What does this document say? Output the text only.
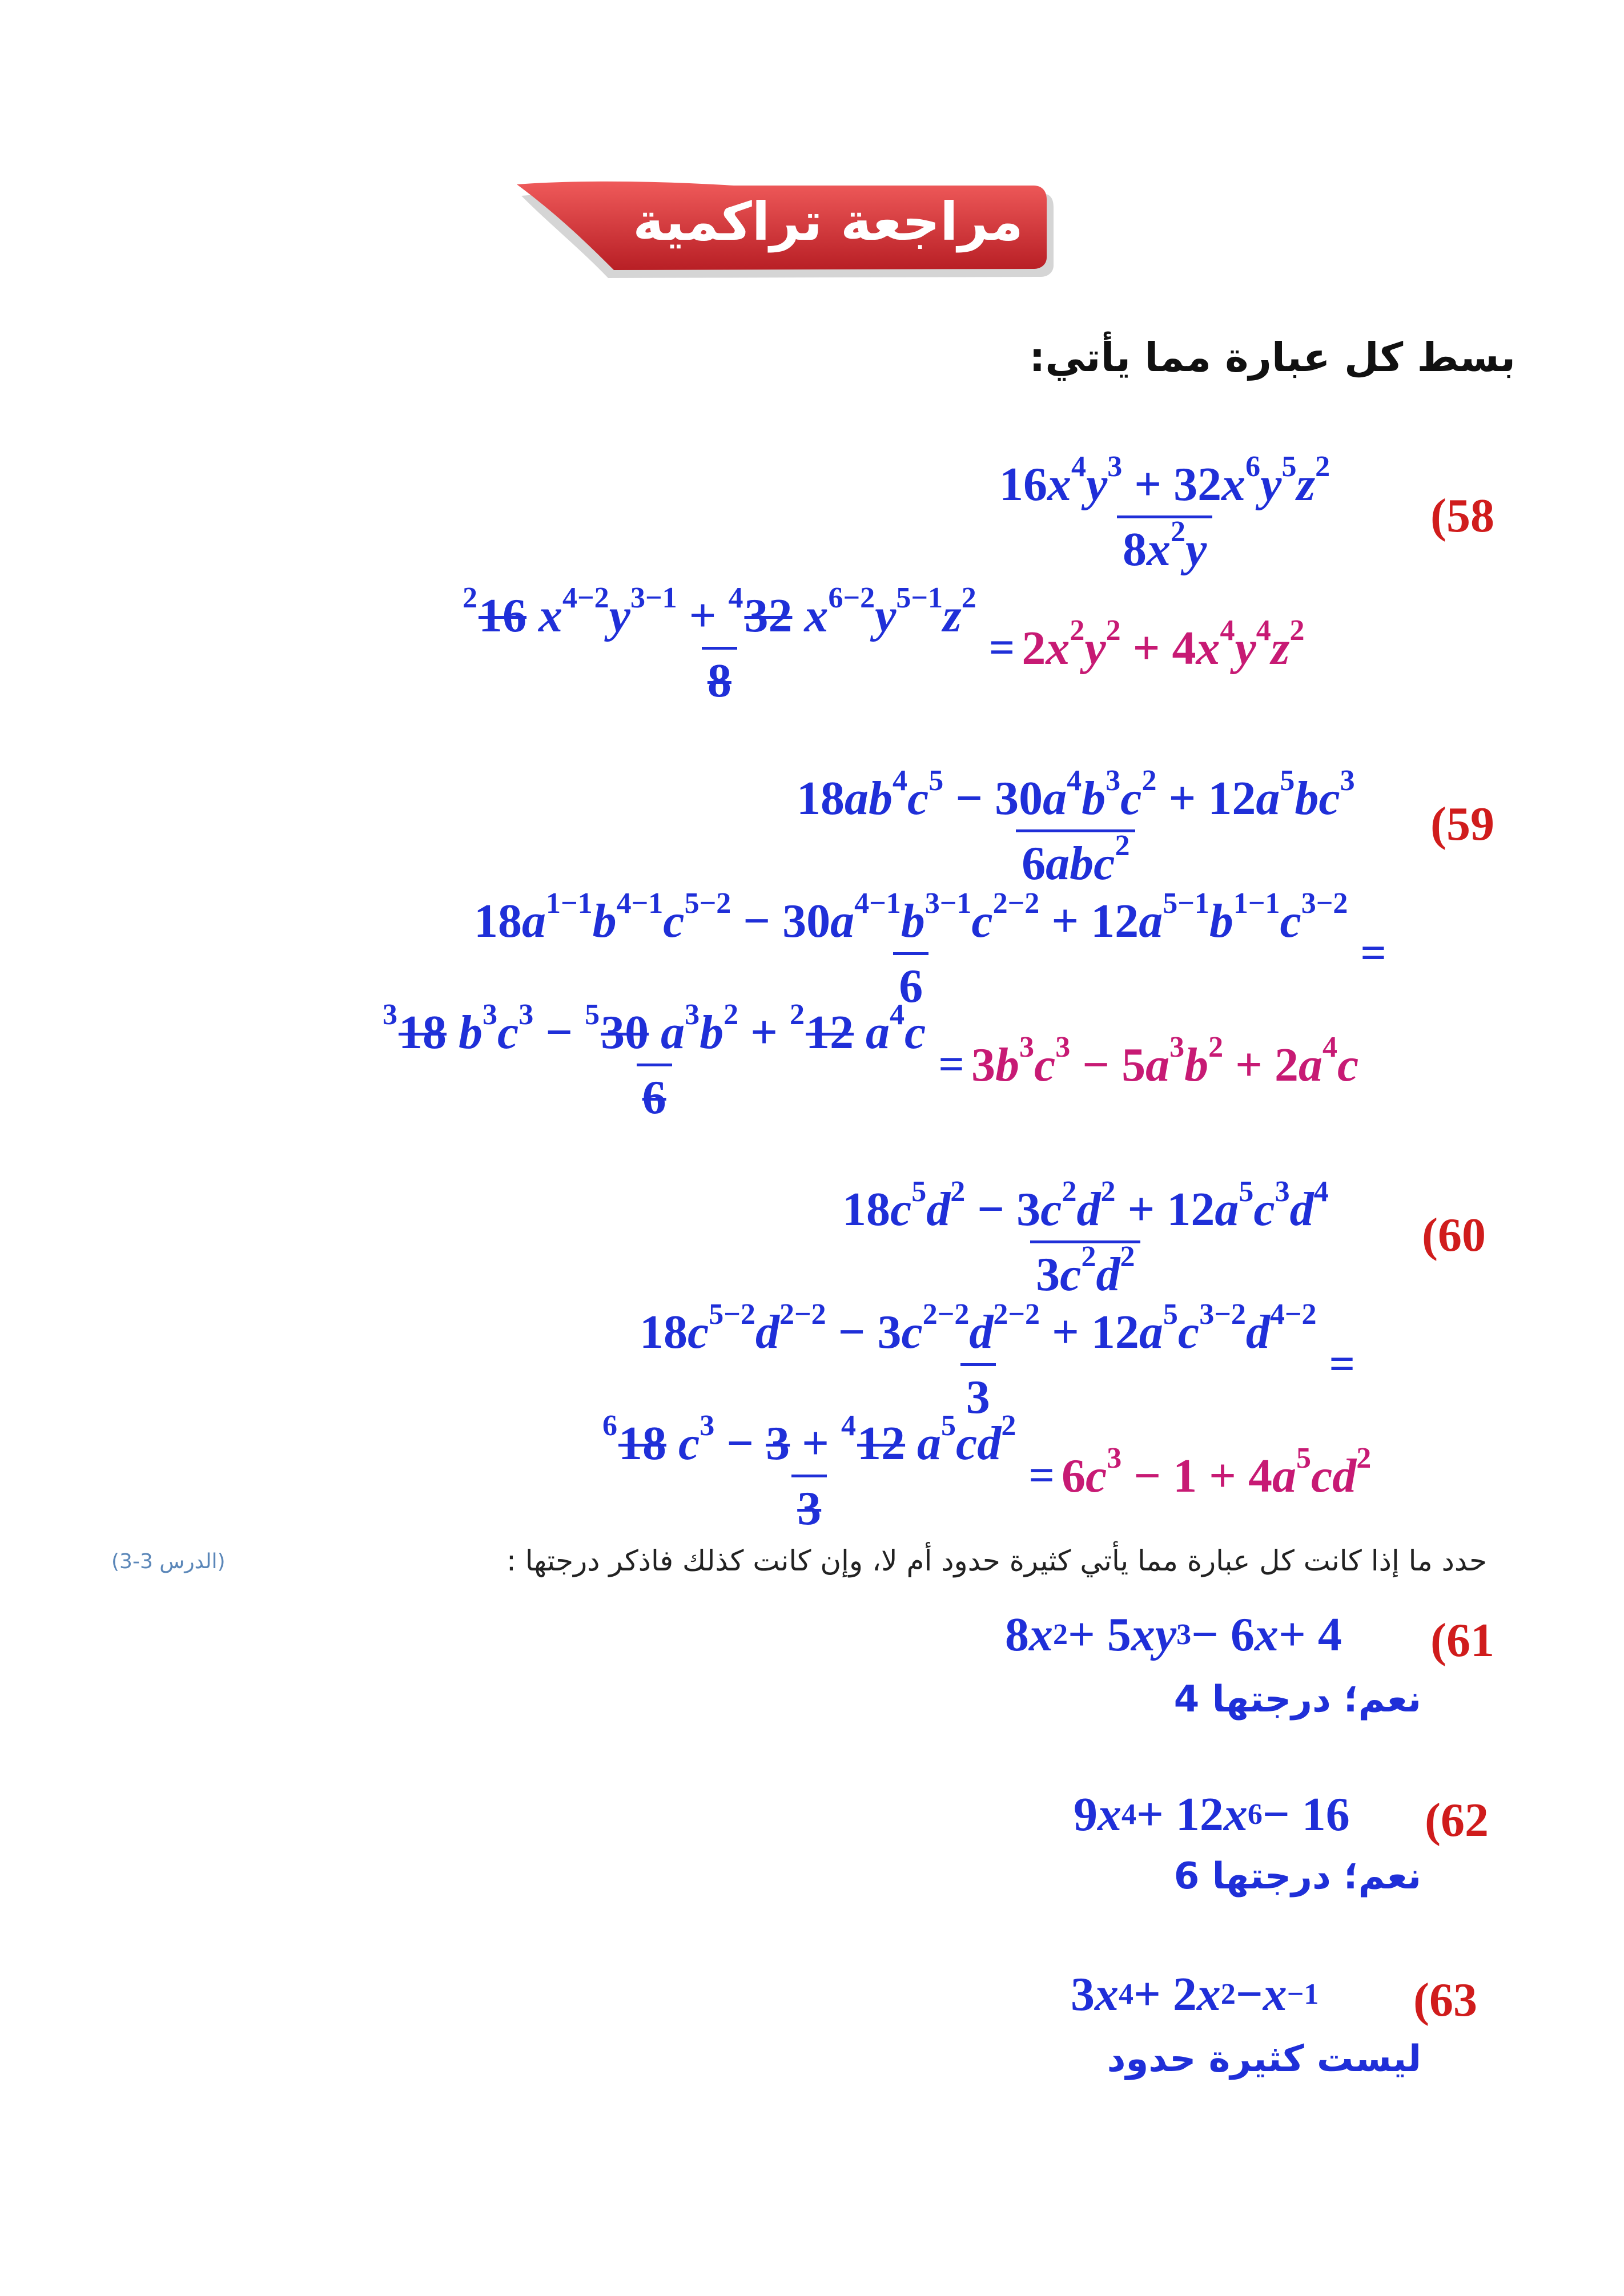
مراجعة تراكمية
بسط كل عبارة مما يأتي:
(58
$\frac{16x^4y^3 + 32x^6y^5z^2}{8x^2y}$
$\frac{^216 x^{4-2}y^{3-1} + ^432 x^{6-2}y^{5-1}z^2}{8} = 2x^2y^2 + 4x^4y^4z^2$
(59
$\frac{18ab^4c^5 - 30a^4b^3c^2 + 12a^5bc^3}{6abc^2}$
$\frac{18a^{1-1}b^{4-1}c^{5-2} - 30a^{4-1}b^{3-1}c^{2-2} + 12a^{5-1}b^{1-1}c^{3-2}}{6}$ =
$\frac{^318 b^3c^3 - ^530 a^3b^2 + ^212 a^4c}{6} = 3b^3c^3 - 5a^3b^2 + 2a^4c$
(60
$\frac{18c^5d^2 - 3c^2d^2 + 12a^5c^3d^4}{3c^2d^2}$
$\frac{18c^{5-2}d^{2-2} - 3c^{2-2}d^{2-2} + 12a^5c^{3-2}d^{4-2}}{3}$ =
$\frac{^618 c^3 - 3 + ^412 a^5cd^2}{3} = 6c^3 - 1 + 4a^5cd^2$
حدد ما إذا كانت كل عبارة مما يأتي كثيرة حدود أم لا، وإن كانت كذلك فاذكر درجتها :
(الدرس 3-3)
(61
8 x 2 + 5 xy 3 − 6 x + 4
نعم؛ درجتها 4
(62
9 x 4 + 12 x 6 − 16
نعم؛ درجتها 6
(63
3 x 4 + 2 x 2 − x −1
ليست كثيرة حدود
